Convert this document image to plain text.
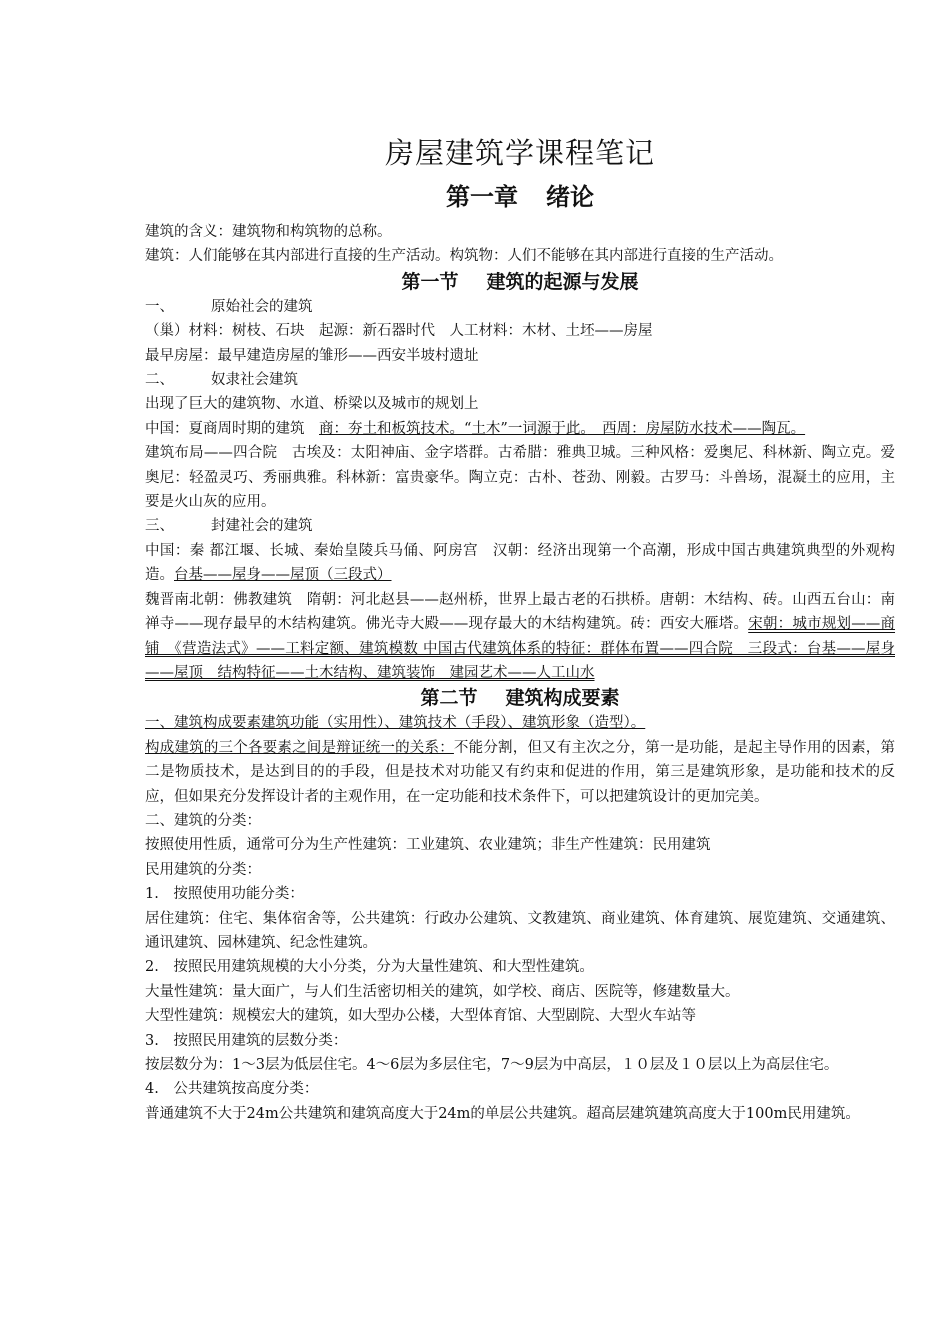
房屋建筑学课程笔记

第一章 绪论

建筑的含义：建筑物和构筑物的总称。

建筑：人们能够在其内部进行直接的生产活动。构筑物：人们不能够在其内部进行直接的生产活动。

第一节 建筑的起源与发展

一、	原始社会的建筑

（巢）材料：树枝、石块　起源：新石器时代　人工材料：木材、土坯——房屋

最早房屋：最早建造房屋的雏形——西安半坡村遗址

二、	奴隶社会建筑

出现了巨大的建筑物、水道、桥梁以及城市的规划上

中国：夏商周时期的建筑　商：夯土和板筑技术。“土木”一词源于此。　西周：房屋防水技术——陶瓦。

建筑布局——四合院　古埃及：太阳神庙、金字塔群。古希腊：雅典卫城。三种风格：爱奥尼、科林新、陶立克。爱奥尼：轻盈灵巧、秀丽典雅。科林新：富贵豪华。陶立克：古朴、苍劲、刚毅。古罗马：斗兽场，混凝土的应用，主要是火山灰的应用。

三、	封建社会的建筑

中国：秦 都江堰、长城、秦始皇陵兵马俑、阿房宫　汉朝：经济出现第一个高潮，形成中国古典建筑典型的外观构造。台基——屋身——屋顶（三段式）

魏晋南北朝：佛教建筑　隋朝：河北赵县——赵州桥，世界上最古老的石拱桥。唐朝：木结构、砖。山西五台山：南禅寺——现存最早的木结构建筑。佛光寺大殿——现存最大的木结构建筑。砖：西安大雁塔。宋朝：城市规划——商铺　《营造法式》——工料定额、建筑模数 中国古代建筑体系的特征：群体布置——四合院　三段式：台基——屋身——屋顶　结构特征——土木结构、建筑装饰　建园艺术——人工山水

第二节 建筑构成要素

一、建筑构成要素建筑功能（实用性）、建筑技术（手段）、建筑形象（造型）。

构成建筑的三个各要素之间是辩证统一的关系：不能分割，但又有主次之分，第一是功能，是起主导作用的因素，第二是物质技术，是达到目的的手段，但是技术对功能又有约束和促进的作用，第三是建筑形象，是功能和技术的反应，但如果充分发挥设计者的主观作用，在一定功能和技术条件下，可以把建筑设计的更加完美。

二、建筑的分类：

按照使用性质，通常可分为生产性建筑：工业建筑、农业建筑；非生产性建筑：民用建筑

民用建筑的分类：

1.　按照使用功能分类：

居住建筑：住宅、集体宿舍等，公共建筑：行政办公建筑、文教建筑、商业建筑、体育建筑、展览建筑、交通建筑、通讯建筑、园林建筑、纪念性建筑。

2.　按照民用建筑规模的大小分类，分为大量性建筑、和大型性建筑。

大量性建筑：量大面广，与人们生活密切相关的建筑，如学校、商店、医院等，修建数量大。

大型性建筑：规模宏大的建筑，如大型办公楼，大型体育馆、大型剧院、大型火车站等

3.　按照民用建筑的层数分类：

按层数分为：1～3层为低层住宅。4～6层为多层住宅，7～9层为中高层，１０层及１０层以上为高层住宅。

4.　公共建筑按高度分类：

普通建筑不大于24m公共建筑和建筑高度大于24m的单层公共建筑。超高层建筑建筑高度大于100m民用建筑。
